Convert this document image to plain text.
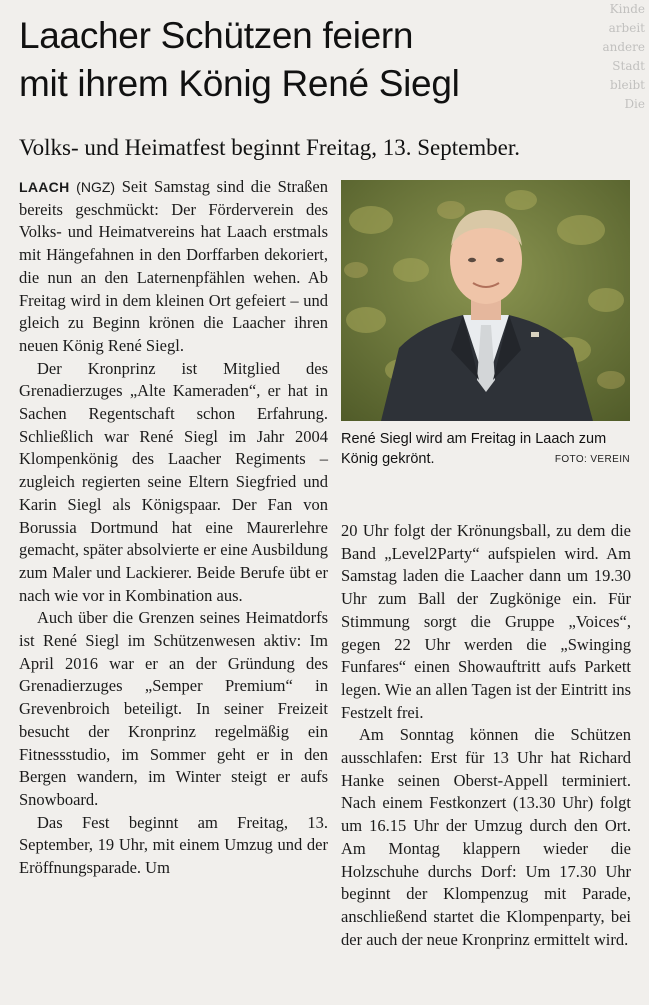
Kinde
arbeit
andere
Stadt
bleibt
Die
Laacher Schützen feiern
mit ihrem König René Siegl
Volks- und Heimatfest beginnt Freitag, 13. September.

LAACH (NGZ) Seit Samstag sind die Straßen bereits geschmückt: Der Förderverein des Volks- und Heimatvereins hat Laach erstmals mit Hängefahnen in den Dorffarben dekoriert, die nun an den Laternenpfählen wehen. Ab Freitag wird in dem kleinen Ort gefeiert – und gleich zu Beginn krönen die Laacher ihren neuen König René Siegl.

Der Kronprinz ist Mitglied des Grenadierzuges „Alte Kameraden“, er hat in Sachen Regentschaft schon Erfahrung. Schließlich war René Siegl im Jahr 2004 Klompenkönig des Laacher Regiments – zugleich regierten seine Eltern Siegfried und Karin Siegl als Königspaar. Der Fan von Borussia Dortmund hat eine Maurerlehre gemacht, später absolvierte er eine Ausbildung zum Maler und Lackierer. Beide Berufe übt er nach wie vor in Kombination aus.

Auch über die Grenzen seines Heimatdorfs ist René Siegl im Schützenwesen aktiv: Im April 2016 war er an der Gründung des Grenadierzuges „Semper Premium“ in Grevenbroich beteiligt. In seiner Freizeit besucht der Kronprinz regelmäßig ein Fitnessstudio, im Sommer geht er in den Bergen wandern, im Winter steigt er aufs Snowboard.

Das Fest beginnt am Freitag, 13. September, 19 Uhr, mit einem Umzug und der Eröffnungsparade. Um

René Siegl wird am Freitag in Laach zum König gekrönt.	FOTO: VEREIN

20 Uhr folgt der Krönungsball, zu dem die Band „Level2Party“ aufspielen wird. Am Samstag laden die Laacher dann um 19.30 Uhr zum Ball der Zugkönige ein. Für Stimmung sorgt die Gruppe „Voices“, gegen 22 Uhr werden die „Swinging Funfares“ einen Showauftritt aufs Parkett legen. Wie an allen Tagen ist der Eintritt ins Festzelt frei.

Am Sonntag können die Schützen ausschlafen: Erst für 13 Uhr hat Richard Hanke seinen Oberst-Appell terminiert. Nach einem Festkonzert (13.30 Uhr) folgt um 16.15 Uhr der Umzug durch den Ort. Am Montag klappern wieder die Holzschuhe durchs Dorf: Um 17.30 Uhr beginnt der Klompenzug mit Parade, anschließend startet die Klompenparty, bei der auch der neue Kronprinz ermittelt wird.
